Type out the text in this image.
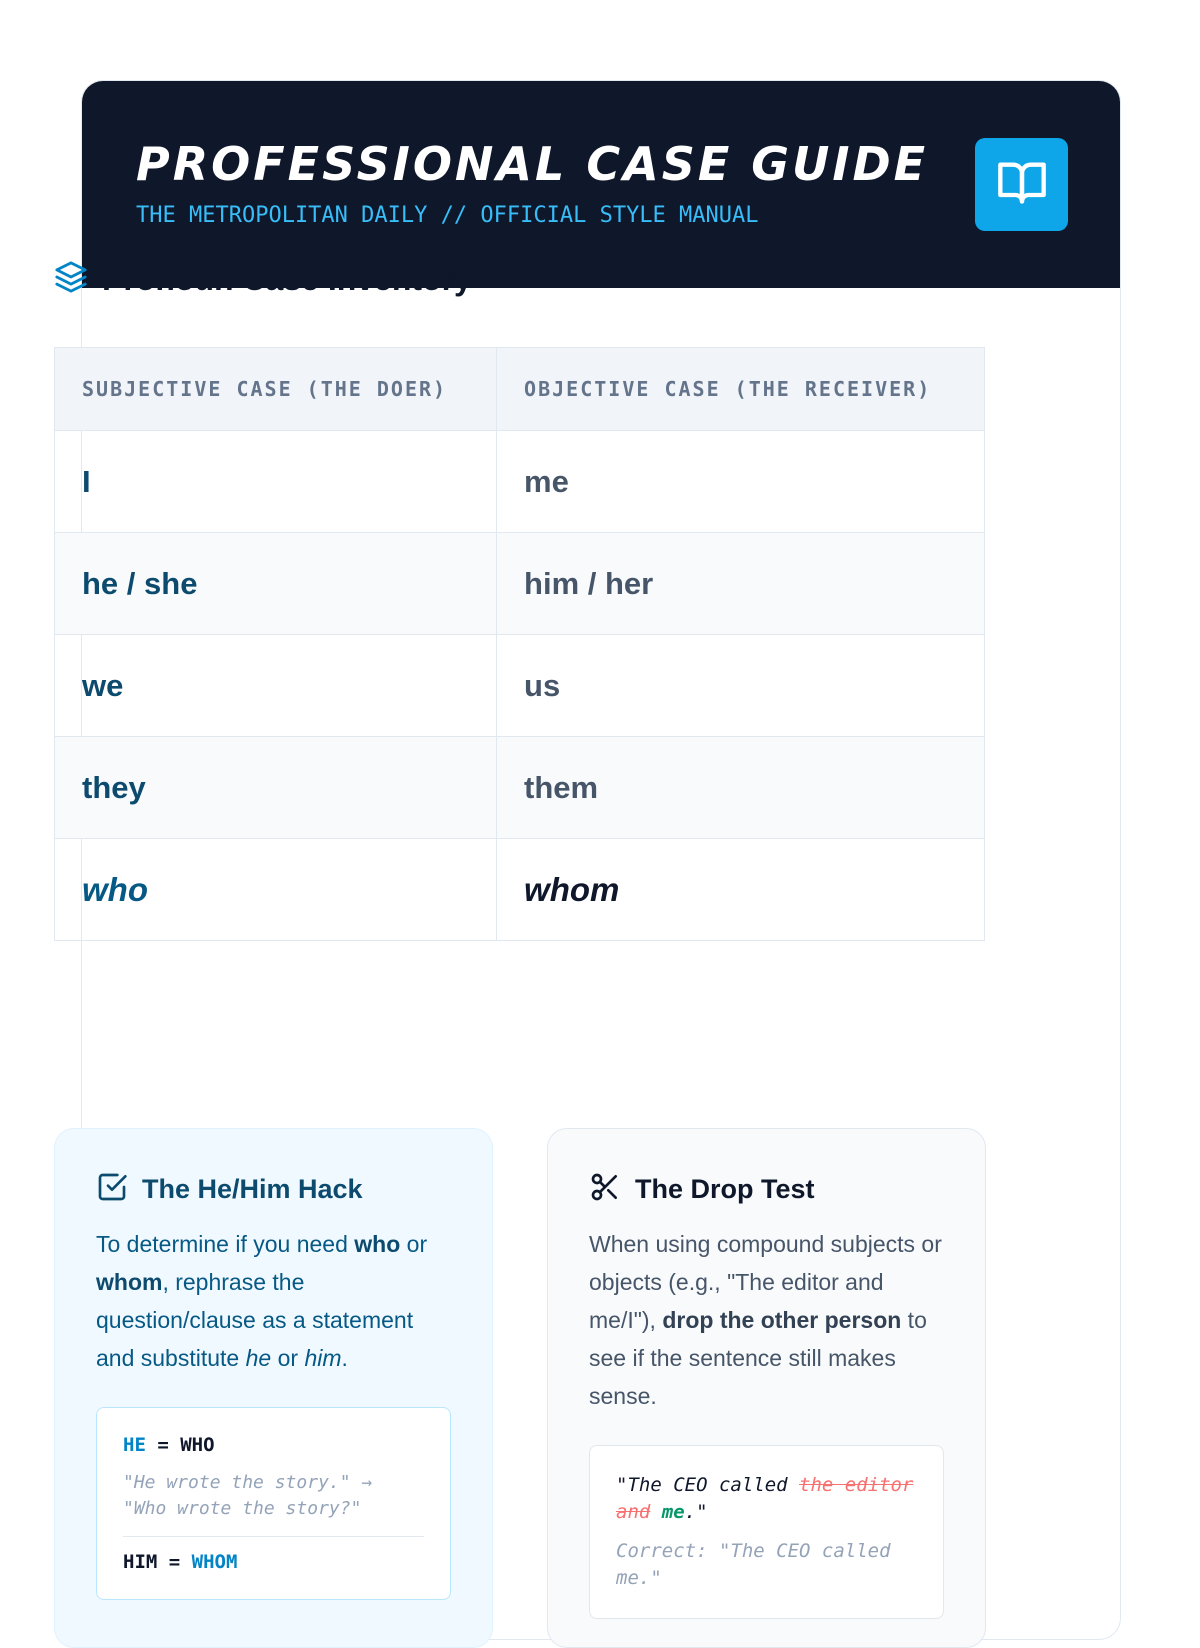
PROFESSIONAL CASE GUIDE
THE METROPOLITAN DAILY // OFFICIAL STYLE MANUAL
Pronoun Case Inventory
SUBJECTIVE CASE (THE DOER)	OBJECTIVE CASE (THE RECEIVER)
I	me
he / she	him / her
we	us
they	them
who	whom
The He/Him Hack
To determine if you need who or whom, rephrase the question/clause as a statement and substitute he or him.
HE = WHO
"He wrote the story." → "Who wrote the story?"
HIM = WHOM
The Drop Test
When using compound subjects or objects (e.g., "The editor and me/I"), drop the other person to see if the sentence still makes sense.
"The CEO called the editor and me."
Correct: "The CEO called me."
